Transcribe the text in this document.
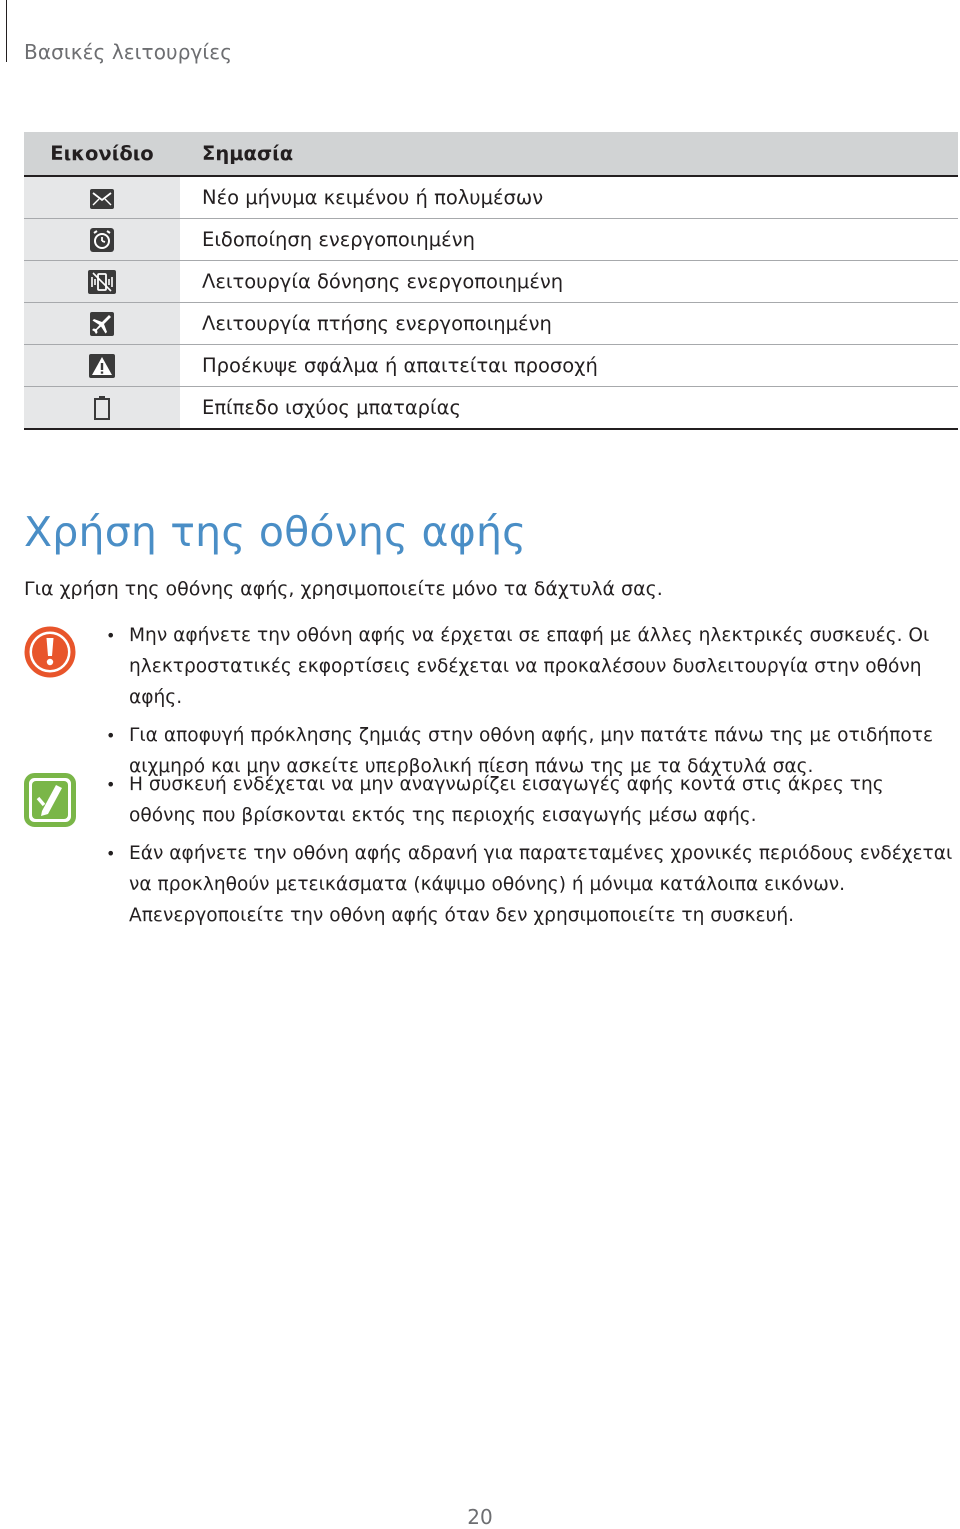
Βασικές λειτουργίες
Εικονίδιο	Σημασία
	Νέο μήνυμα κειμένου ή πολυμέσων
	Ειδοποίηση ενεργοποιημένη
	Λειτουργία δόνησης ενεργοποιημένη
	Λειτουργία πτήσης ενεργοποιημένη
	Προέκυψε σφάλμα ή απαιτείται προσοχή
	Επίπεδο ισχύος μπαταρίας
Χρήση της οθόνης αφής

Για χρήση της οθόνης αφής, χρησιμοποιείτε μόνο τα δάχτυλά σας.

• Μην αφήνετε την οθόνη αφής να έρχεται σε επαφή με άλλες ηλεκτρικές συσκευές. Οι ηλεκτροστατικές εκφορτίσεις ενδέχεται να προκαλέσουν δυσλειτουργία στην οθόνη αφής.
• Για αποφυγή πρόκλησης ζημιάς στην οθόνη αφής, μην πατάτε πάνω της με οτιδήποτε αιχμηρό και μην ασκείτε υπερβολική πίεση πάνω της με τα δάχτυλά σας.
• Η συσκευή ενδέχεται να μην αναγνωρίζει εισαγωγές αφής κοντά στις άκρες της οθόνης που βρίσκονται εκτός της περιοχής εισαγωγής μέσω αφής.
• Εάν αφήνετε την οθόνη αφής αδρανή για παρατεταμένες χρονικές περιόδους ενδέχεται να προκληθούν μετεικάσματα (κάψιμο οθόνης) ή μόνιμα κατάλοιπα εικόνων. Απενεργοποιείτε την οθόνη αφής όταν δεν χρησιμοποιείτε τη συσκευή.
20
